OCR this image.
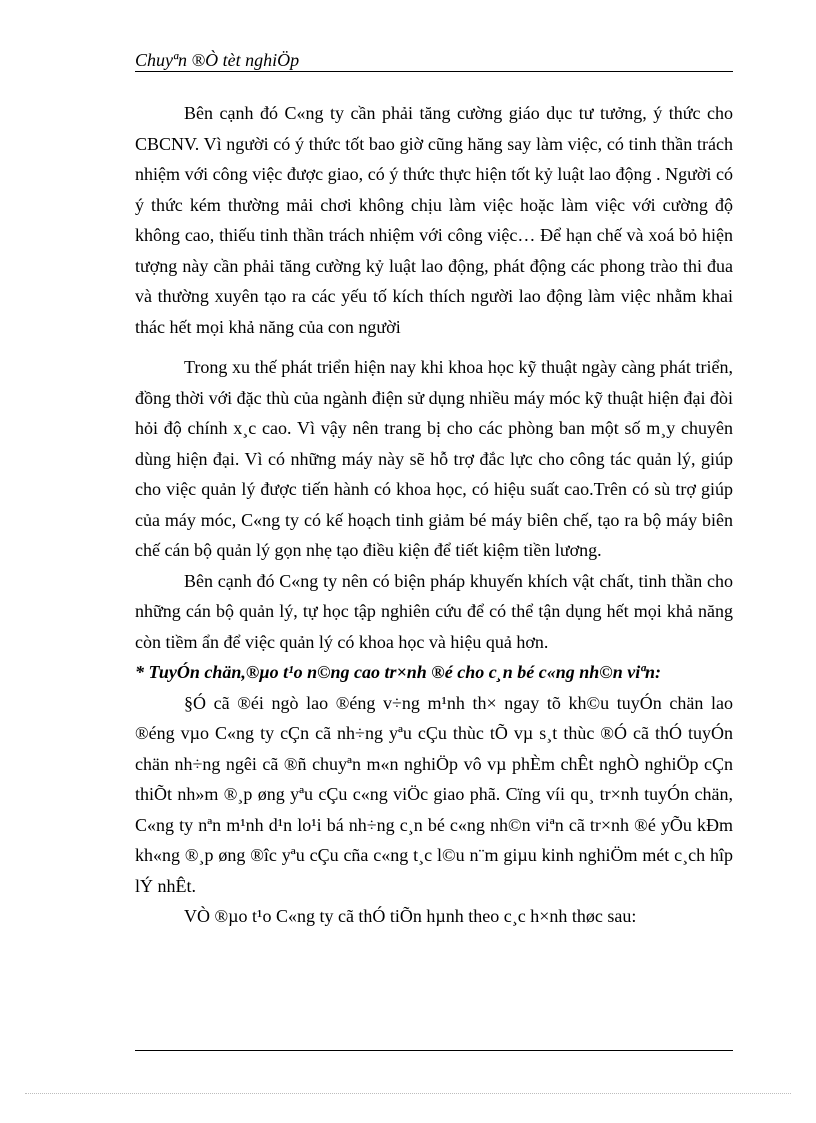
Chuyªn ®Ò tèt nghiÖp

Bên cạnh đó C«ng ty cần phải tăng cường giáo dục tư tưởng, ý thức cho CBCNV. Vì người có ý thức tốt bao giờ cũng hăng say làm việc, có tinh thần trách nhiệm với công việc được giao, có ý thức thực hiện tốt kỷ luật lao động . Người có ý thức kém thường mải chơi không chịu làm việc hoặc làm việc với cường độ không cao, thiếu tinh thần trách nhiệm với công việc… Để hạn chế và xoá bỏ hiện tượng này cần phải tăng cường kỷ luật lao động, phát động các phong trào thi đua và thường xuyên tạo ra các yếu tố kích thích người lao động làm việc nhằm khai thác hết mọi khả năng của con người

Trong xu thế phát triển hiện nay khi khoa học kỹ thuật ngày càng phát triển, đồng thời với đặc thù của ngành điện sử dụng nhiều máy móc kỹ thuật hiện đại đòi hỏi độ chính x¸c cao. Vì vậy nên trang bị cho các phòng ban một số m¸y chuyên dùng hiện đại. Vì có những máy này sẽ hỗ trợ đắc lực cho công tác quản lý, giúp cho việc quản lý được tiến hành có khoa học, có hiệu suất cao.Trên có sù trợ giúp của máy móc, C«ng ty có kế hoạch tinh giảm bé máy biên chế, tạo ra bộ máy biên chế cán bộ quản lý gọn nhẹ tạo điều kiện để tiết kiệm tiền lương.

Bên cạnh đó C«ng ty nên có biện pháp khuyến khích vật chất, tinh thần cho những cán bộ quản lý, tự học tập nghiên cứu để có thể tận dụng hết mọi khả năng còn tiềm ẩn để việc quản lý có khoa học và hiệu quả hơn.

* TuyÓn chän,®µo t¹o n©ng cao tr×nh ®é cho c¸n bé c«ng nh©n viªn:

§Ó cã ®éi ngò lao ®éng v÷ng m¹nh th× ngay tõ kh©u tuyÓn chän lao ®éng vµo C«ng ty cÇn cã nh÷ng yªu cÇu thùc tÕ vµ s¸t thùc ®Ó cã thÓ tuyÓn chän nh÷ng ngêi cã ®ñ chuyªn m«n nghiÖp vô vµ phÈm chÊt nghÒ nghiÖp cÇn thiÕt nh»m ®¸p øng yªu cÇu c«ng viÖc giao phã. Cïng víi qu¸ tr×nh tuyÓn chän, C«ng ty nªn m¹nh d¹n lo¹i bá nh÷ng c¸n bé c«ng nh©n viªn cã tr×nh ®é yÕu kÐm kh«ng ®¸p øng ®îc yªu cÇu cña c«ng t¸c l©u n¨m giµu kinh nghiÖm mét c¸ch hîp lÝ nhÊt.

VÒ ®µo t¹o C«ng ty cã thÓ tiÕn hµnh theo c¸c h×nh thøc sau:
